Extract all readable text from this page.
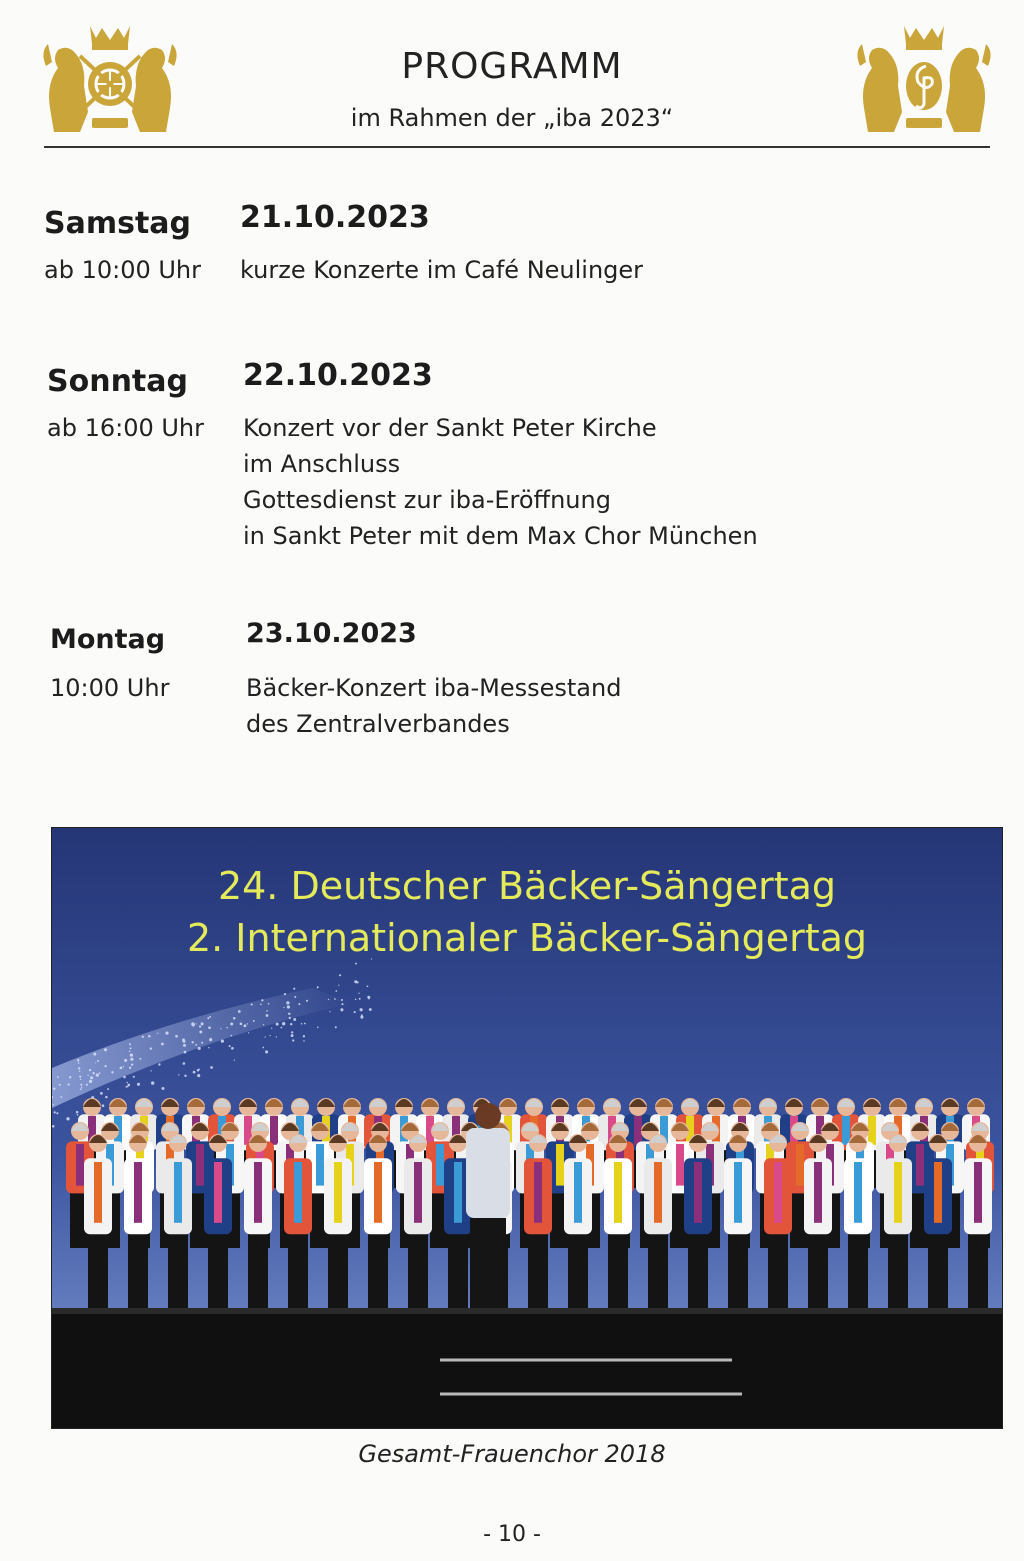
PROGRAMM
im Rahmen der „iba 2023“
Samstag
ab 10:00 Uhr
21.10.2023
kurze Konzerte im Café Neulinger
Sonntag
ab 16:00 Uhr
22.10.2023
Konzert vor der Sankt Peter Kirche
im Anschluss
Gottesdienst zur iba-Eröffnung
in Sankt Peter mit dem Max Chor München
Montag
10:00 Uhr
23.10.2023
Bäcker-Konzert iba-Messestand
des Zentralverbandes
24. Deutscher Bäcker-Sängertag
2. Internationaler Bäcker-Sängertag
Gesamt-Frauenchor 2018
- 10 -
